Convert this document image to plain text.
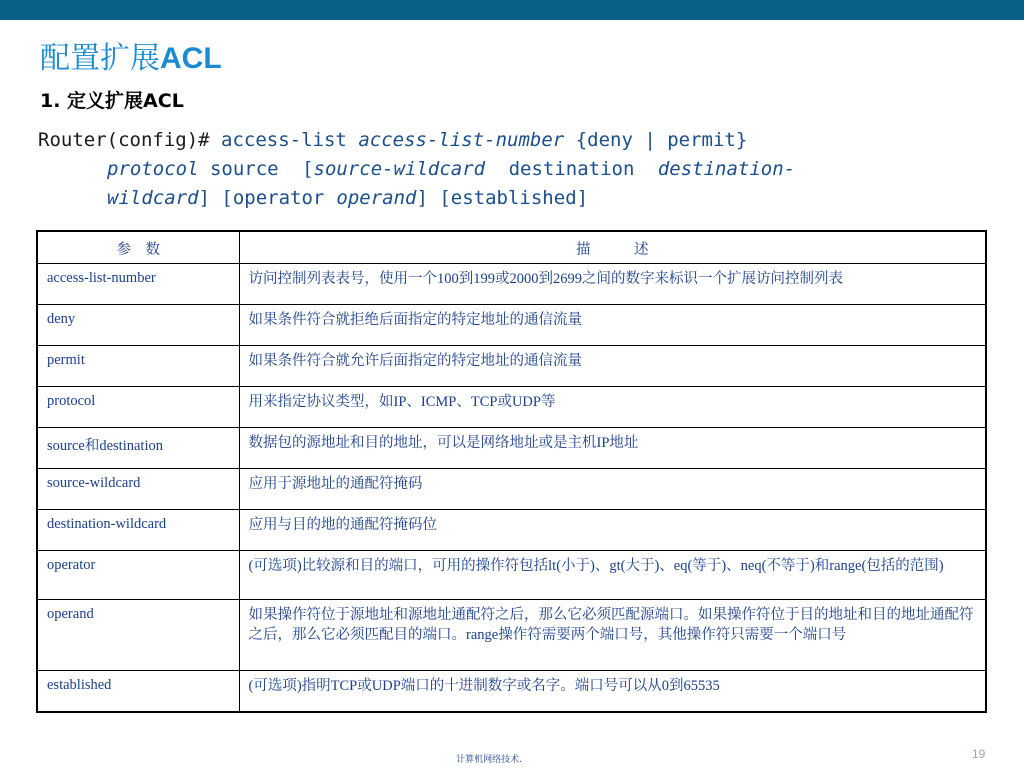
配置扩展ACL
1. 定义扩展ACL
Router(config)# access-list access-list-number {deny | permit}
protocol source [source-wildcard destination destination-
wildcard] [operator operand] [established]
参　数	描　　　述
access-list-number	访问控制列表表号，使用一个100到199或2000到2699之间的数字来标识一个扩展访问控制列表
deny	如果条件符合就拒绝后面指定的特定地址的通信流量
permit	如果条件符合就允许后面指定的特定地址的通信流量
protocol	用来指定协议类型，如IP、ICMP、TCP或UDP等
source和destination	数据包的源地址和目的地址，可以是网络地址或是主机IP地址
source-wildcard	应用于源地址的通配符掩码
destination-wildcard	应用与目的地的通配符掩码位
operator	(可选项)比较源和目的端口，可用的操作符包括lt(小于)、gt(大于)、eq(等于)、neq(不等于)和range(包括的范围)
operand	如果操作符位于源地址和源地址通配符之后，那么它必须匹配源端口。如果操作符位于目的地址和目的地址通配符之后，那么它必须匹配目的端口。range操作符需要两个端口号，其他操作符只需要一个端口号
established	(可选项)指明TCP或UDP端口的十进制数字或名字。端口号可以从0到65535
计算机网络技术.	19
